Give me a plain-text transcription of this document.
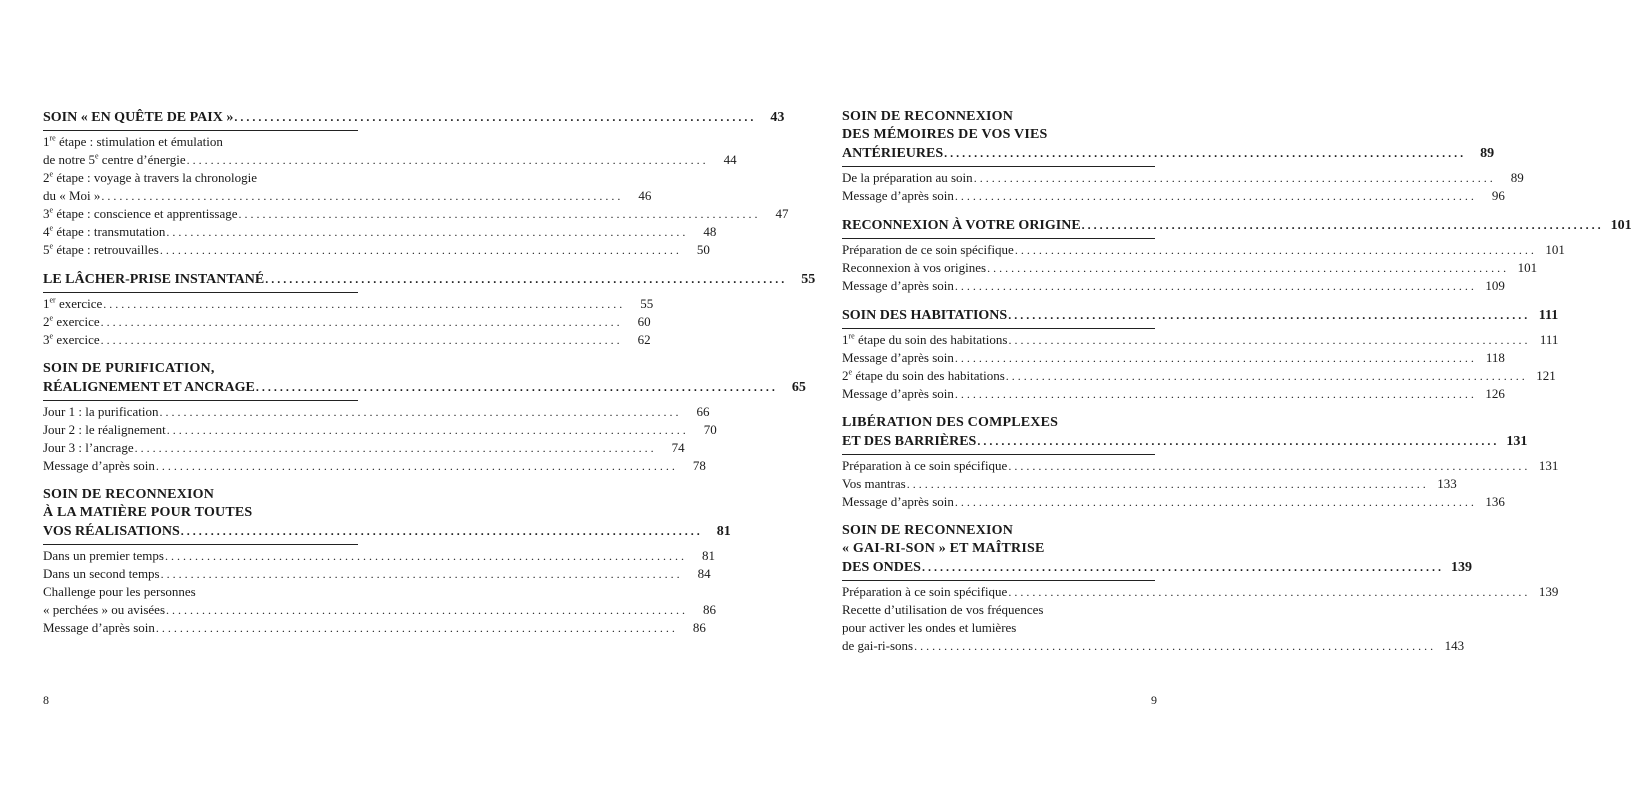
SOIN « EN QUÊTE DE PAIX » . . .	43
1re étape : stimulation et émulation
de notre 5e centre d’énergie . . .	44
2e étape : voyage à travers la chronologie
du « Moi » . . .	46
3e étape : conscience et apprentissage . . .	47
4e étape : transmutation . . .	48
5e étape : retrouvailles . . .	50
LE LÂCHER-PRISE INSTANTANÉ . . .	55
1er exercice . . .	55
2e exercice . . .	60
3e exercice . . .	62
SOIN DE PURIFICATION,
RÉALIGNEMENT ET ANCRAGE . . .	65
Jour 1 : la purification . . .	66
Jour 2 : le réalignement . . .	70
Jour 3 : l’ancrage . . .	74
Message d’après soin . . .	78
SOIN DE RECONNEXION
À LA MATIÈRE POUR TOUTES
VOS RÉALISATIONS . . .	81
Dans un premier temps . . .	81
Dans un second temps . . .	84
Challenge pour les personnes
« perchées » ou avisées . . .	86
Message d’après soin . . .	86
8
SOIN DE RECONNEXION
DES MÉMOIRES DE VOS VIES
ANTÉRIEURES . . .	89
De la préparation au soin . . .	89
Message d’après soin . . .	96
RECONNEXION À VOTRE ORIGINE . . .	101
Préparation de ce soin spécifique . . .	101
Reconnexion à vos origines . . .	101
Message d’après soin . . .	109
SOIN DES HABITATIONS . . .	111
1re étape du soin des habitations . . .	111
Message d’après soin . . .	118
2e étape du soin des habitations . . .	121
Message d’après soin . . .	126
LIBÉRATION DES COMPLEXES
ET DES BARRIÈRES . . .	131
Préparation à ce soin spécifique . . .	131
Vos mantras . . .	133
Message d’après soin . . .	136
SOIN DE RECONNEXION
« GAI-RI-SON » ET MAÎTRISE
DES ONDES . . .	139
Préparation à ce soin spécifique . . .	139
Recette d’utilisation de vos fréquences
pour activer les ondes et lumières
de gai-ri-sons . . .	143
9
